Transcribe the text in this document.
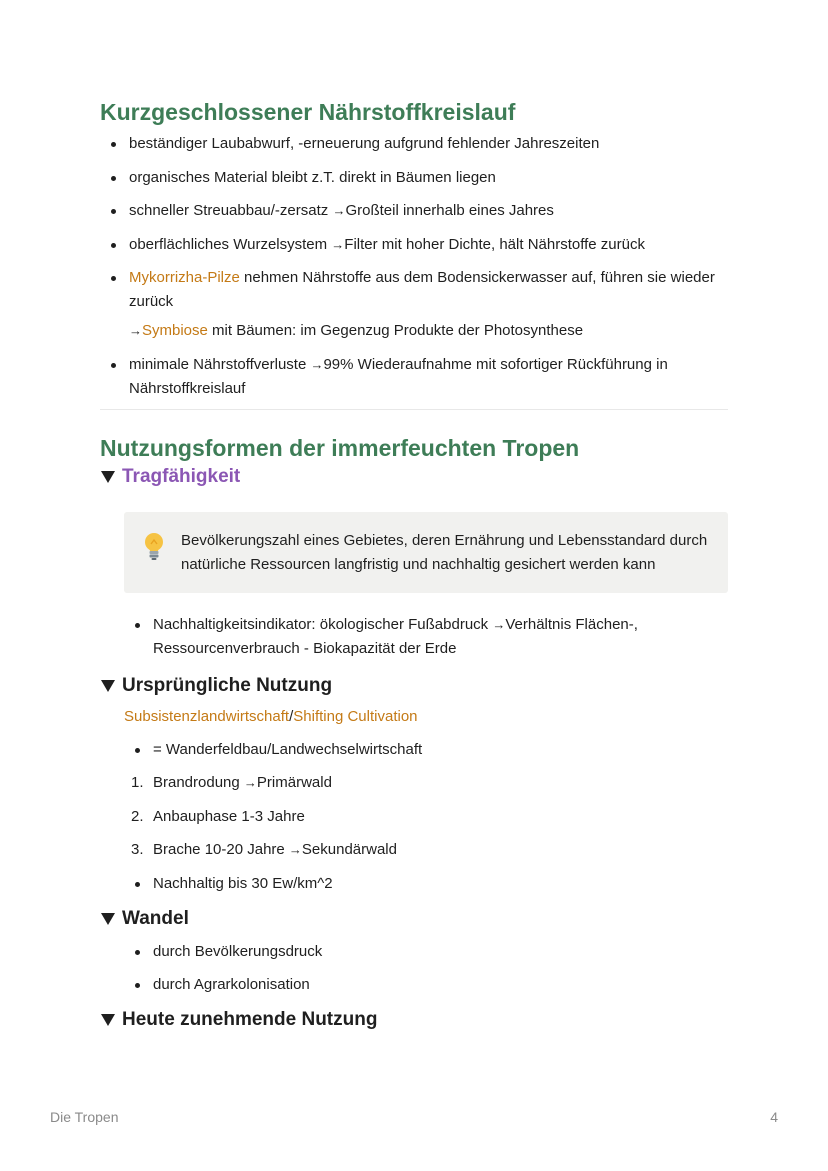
Kurzgeschlossener Nährstoffkreislauf
beständiger Laubabwurf, -erneuerung aufgrund fehlender Jahreszeiten
organisches Material bleibt z.T. direkt in Bäumen liegen
schneller Streuabbau/-zersatz →Großteil innerhalb eines Jahres
oberflächliches Wurzelsystem →Filter mit hoher Dichte, hält Nährstoffe zurück
Mykorrizha-Pilze nehmen Nährstoffe aus dem Bodensickerwasser auf, führen sie wieder zurück
→Symbiose mit Bäumen: im Gegenzug Produkte der Photosynthese
minimale Nährstoffverluste →99% Wiederaufnahme mit sofortiger Rückführung in Nährstoffkreislauf
Nutzungsformen der immerfeuchten Tropen
Tragfähigkeit
Bevölkerungszahl eines Gebietes, deren Ernährung und Lebensstandard durch natürliche Ressourcen langfristig und nachhaltig gesichert werden kann
Nachhaltigkeitsindikator: ökologischer Fußabdruck →Verhältnis Flächen-, Ressourcenverbrauch - Biokapazität der Erde
Ursprüngliche Nutzung
Subsistenzlandwirtschaft/Shifting Cultivation
= Wanderfeldbau/Landwechselwirtschaft
1. Brandrodung →Primärwald
2. Anbauphase 1-3 Jahre
3. Brache 10-20 Jahre →Sekundärwald
Nachhaltig bis 30 Ew/km^2
Wandel
durch Bevölkerungsdruck
durch Agrarkolonisation
Heute zunehmende Nutzung
Die Tropen	4
